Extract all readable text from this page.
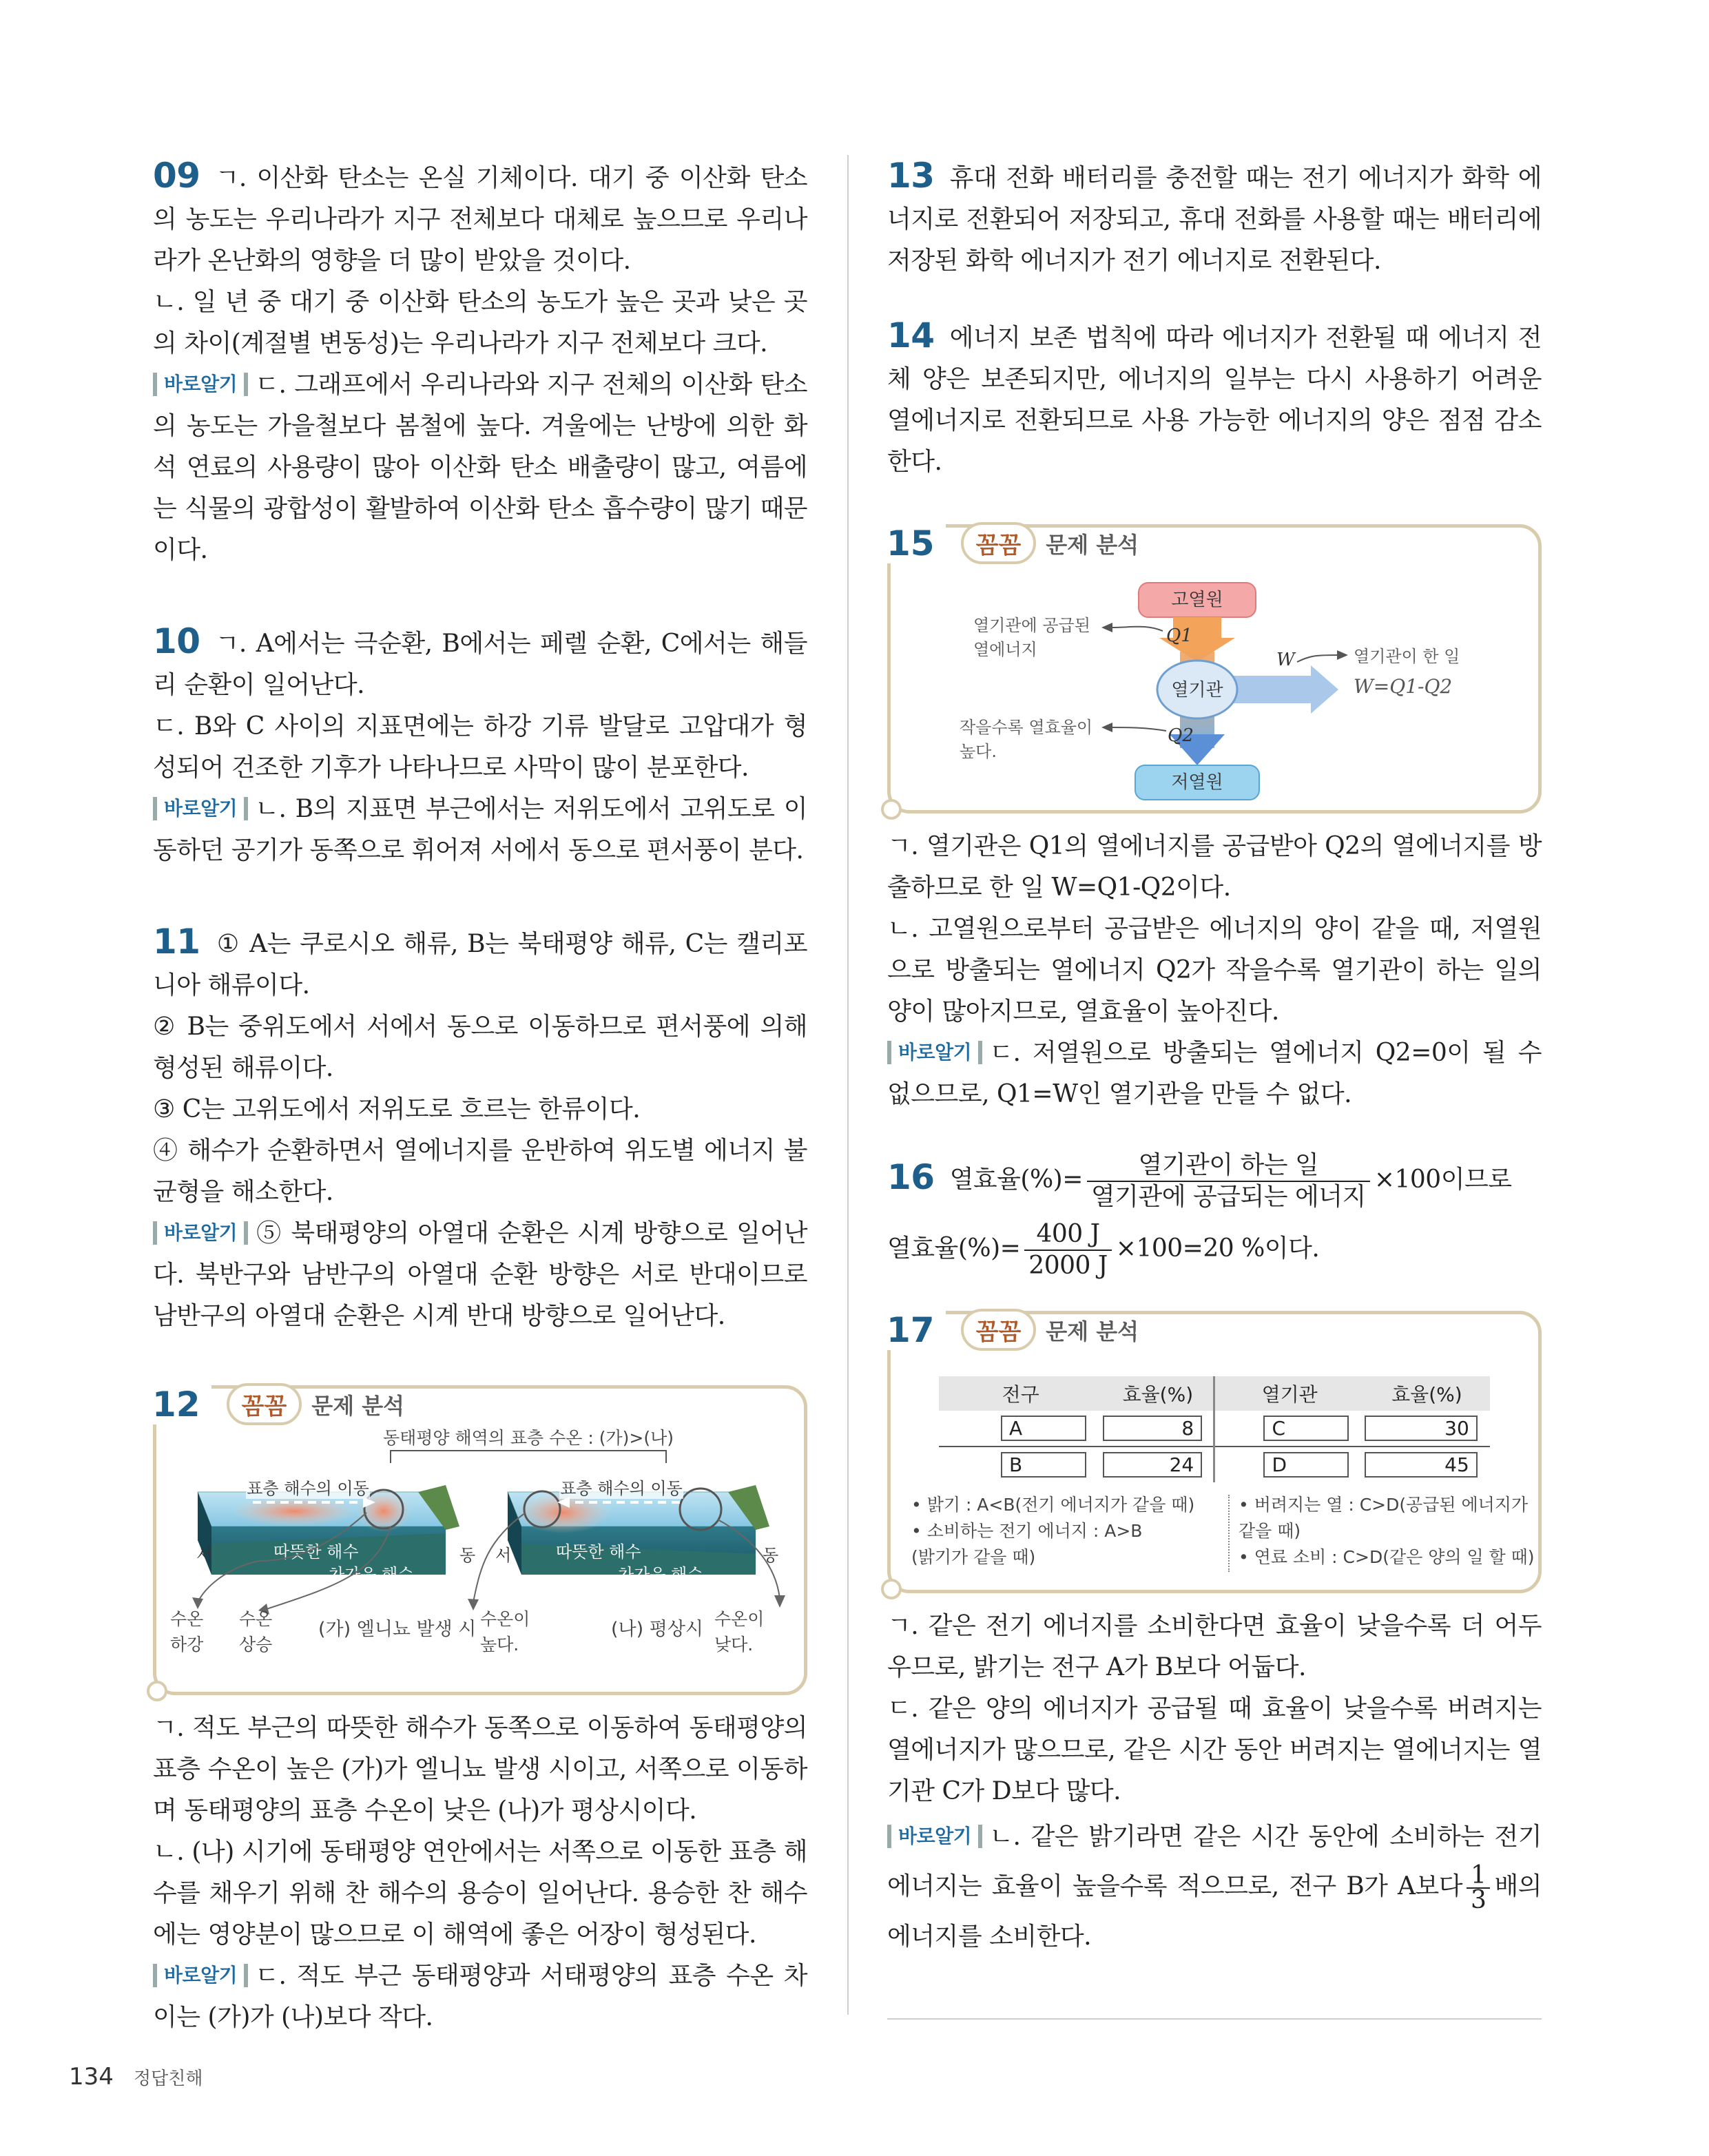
09 ㄱ. 이산화 탄소는 온실 기체이다. 대기 중 이산화 탄소의 농도는 우리나라가 지구 전체보다 대체로 높으므로 우리나라가 온난화의 영향을 더 많이 받았을 것이다.

ㄴ. 일 년 중 대기 중 이산화 탄소의 농도가 높은 곳과 낮은 곳의 차이(계절별 변동성)는 우리나라가 지구 전체보다 크다.

바로알기 ㄷ. 그래프에서 우리나라와 지구 전체의 이산화 탄소의 농도는 가을철보다 봄철에 높다. 겨울에는 난방에 의한 화석 연료의 사용량이 많아 이산화 탄소 배출량이 많고, 여름에는 식물의 광합성이 활발하여 이산화 탄소 흡수량이 많기 때문이다.

10 ㄱ. A에서는 극순환, B에서는 페렐 순환, C에서는 해들리 순환이 일어난다.

ㄷ. B와 C 사이의 지표면에는 하강 기류 발달로 고압대가 형성되어 건조한 기후가 나타나므로 사막이 많이 분포한다.

바로알기 ㄴ. B의 지표면 부근에서는 저위도에서 고위도로 이동하던 공기가 동쪽으로 휘어져 서에서 동으로 편서풍이 분다.

11 ① A는 쿠로시오 해류, B는 북태평양 해류, C는 캘리포니아 해류이다.

② B는 중위도에서 서에서 동으로 이동하므로 편서풍에 의해 형성된 해류이다.

③ C는 고위도에서 저위도로 흐르는 한류이다.

④ 해수가 순환하면서 열에너지를 운반하여 위도별 에너지 불균형을 해소한다.

바로알기 ⑤ 북태평양의 아열대 순환은 시계 방향으로 일어난다. 북반구와 남반구의 아열대 순환 방향은 서로 반대이므로 남반구의 아열대 순환은 시계 반대 방향으로 일어난다.

12	꼼꼼	문제 분석
동태평양 해역의 표층 수온 : (가)>(나)
표층 해수의 이동
서	동
따뜻한 해수
차가운 해수
표층 해수의 이동
서	동
따뜻한 해수
차가운 해수
수온
하강
수온
상승
(가) 엘니뇨 발생 시 수온이
높다.
(나) 평상시 수온이
낮다.

ㄱ. 적도 부근의 따뜻한 해수가 동쪽으로 이동하여 동태평양의 표층 수온이 높은 (가)가 엘니뇨 발생 시이고, 서쪽으로 이동하며 동태평양의 표층 수온이 낮은 (나)가 평상시이다.

ㄴ. (나) 시기에 동태평양 연안에서는 서쪽으로 이동한 표층 해수를 채우기 위해 찬 해수의 용승이 일어난다. 용승한 찬 해수에는 영양분이 많으므로 이 해역에 좋은 어장이 형성된다.

바로알기 ㄷ. 적도 부근 동태평양과 서태평양의 표층 수온 차이는 (가)가 (나)보다 작다.

13 휴대 전화 배터리를 충전할 때는 전기 에너지가 화학 에너지로 전환되어 저장되고, 휴대 전화를 사용할 때는 배터리에 저장된 화학 에너지가 전기 에너지로 전환된다.

14 에너지 보존 법칙에 따라 에너지가 전환될 때 에너지 전체 양은 보존되지만, 에너지의 일부는 다시 사용하기 어려운 열에너지로 전환되므로 사용 가능한 에너지의 양은 점점 감소한다.

15	꼼꼼	문제 분석
고열원
열기관
저열원
Q1
열기관에 공급된
열에너지
Q2
작을수록 열효율이
높다.
W	열기관이 한 일
W=Q1-Q2

ㄱ. 열기관은 Q1의 열에너지를 공급받아 Q2의 열에너지를 방출하므로 한 일 W=Q1-Q2이다.

ㄴ. 고열원으로부터 공급받은 에너지의 양이 같을 때, 저열원으로 방출되는 열에너지 Q2가 작을수록 열기관이 하는 일의 양이 많아지므로, 열효율이 높아진다.

바로알기 ㄷ. 저열원으로 방출되는 열에너지 Q2=0이 될 수 없으므로, Q1=W인 열기관을 만들 수 없다.

16 열효율(%)= $\frac{\text{열기관이 하는 일}}{\text{열기관에 공급되는 에너지}} \times 100$이므로

열효율(%)= $\frac{400 J}{2000 J} \times 100=20$ %이다.

17	꼼꼼	문제 분석
전구	효율(%)	열기관	효율(%)
A	8	C	30
B	24	D	45
• 밝기 : A<B(전기 에너지가 같을 때)
• 소비하는 전기 에너지 : A>B
(밝기가 같을 때)
• 버려지는 열 : C>D(공급된 에너지가 같을 때)
• 연료 소비 : C>D(같은 양의 일 할 때)

ㄱ. 같은 전기 에너지를 소비한다면 효율이 낮을수록 더 어두우므로, 밝기는 전구 A가 B보다 어둡다.

ㄷ. 같은 양의 에너지가 공급될 때 효율이 낮을수록 버려지는 열에너지가 많으므로, 같은 시간 동안 버려지는 열에너지는 열기관 C가 D보다 많다.

바로알기 ㄴ. 같은 밝기라면 같은 시간 동안에 소비하는 전기 에너지는 효율이 높을수록 적으므로, 전구 B가 A보다 $\frac{1}{3}$ 배의 에너지를 소비한다.

134 정답친해
